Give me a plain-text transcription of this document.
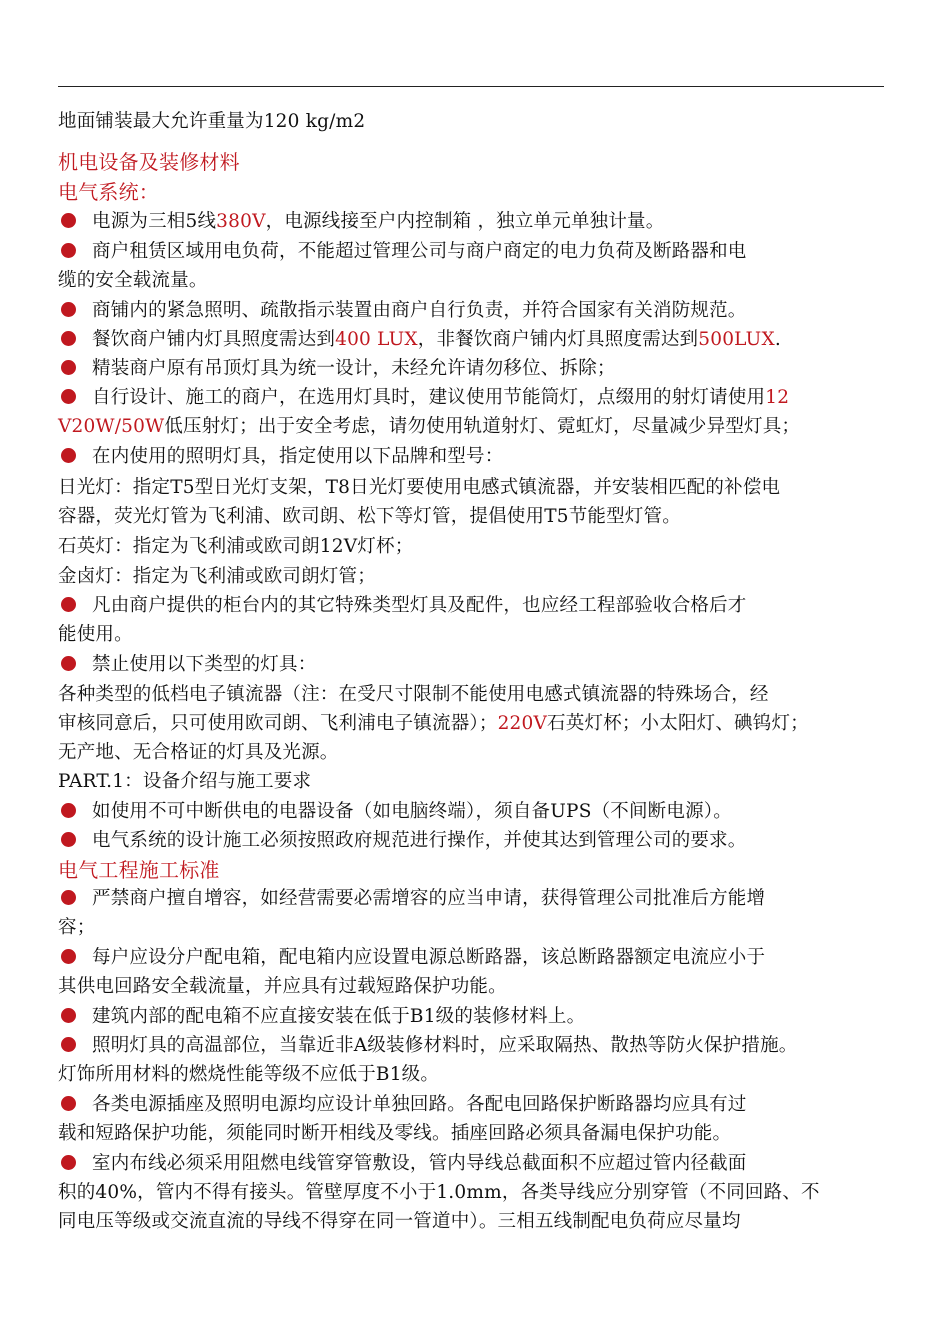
地面铺装最大允许重量为120 kg/m2
机电设备及装修材料
电气系统：
电源为三相5线380V，电源线接至户内控制箱 ，独立单元单独计量。
商户租赁区域用电负荷，不能超过管理公司与商户商定的电力负荷及断路器和电
缆的安全载流量。
商铺内的紧急照明、疏散指示装置由商户自行负责，并符合国家有关消防规范。
餐饮商户铺内灯具照度需达到400 LUX，非餐饮商户铺内灯具照度需达到500LUX.
精装商户原有吊顶灯具为统一设计，未经允许请勿移位、拆除；
自行设计、施工的商户，在选用灯具时，建议使用节能筒灯，点缀用的射灯请使用12
V20W/50W低压射灯；出于安全考虑，请勿使用轨道射灯、霓虹灯，尽量减少异型灯具；
在内使用的照明灯具，指定使用以下品牌和型号：
日光灯：指定T5型日光灯支架，T8日光灯要使用电感式镇流器，并安装相匹配的补偿电
容器，荧光灯管为飞利浦、欧司朗、松下等灯管，提倡使用T5节能型灯管。
石英灯：指定为飞利浦或欧司朗12V灯杯；
金卤灯：指定为飞利浦或欧司朗灯管；
凡由商户提供的柜台内的其它特殊类型灯具及配件，也应经工程部验收合格后才
能使用。
禁止使用以下类型的灯具：
各种类型的低档电子镇流器（注：在受尺寸限制不能使用电感式镇流器的特殊场合，经
审核同意后，只可使用欧司朗、飞利浦电子镇流器）；220V石英灯杯；小太阳灯、碘钨灯；
无产地、无合格证的灯具及光源。
PART.1：设备介绍与施工要求
如使用不可中断供电的电器设备（如电脑终端），须自备UPS（不间断电源）。
电气系统的设计施工必须按照政府规范进行操作，并使其达到管理公司的要求。
电气工程施工标准
严禁商户擅自增容，如经营需要必需增容的应当申请，获得管理公司批准后方能增
容；
每户应设分户配电箱，配电箱内应设置电源总断路器，该总断路器额定电流应小于
其供电回路安全载流量，并应具有过载短路保护功能。
建筑内部的配电箱不应直接安装在低于B1级的装修材料上。
照明灯具的高温部位，当靠近非A级装修材料时，应采取隔热、散热等防火保护措施。
灯饰所用材料的燃烧性能等级不应低于B1级。
各类电源插座及照明电源均应设计单独回路。各配电回路保护断路器均应具有过
载和短路保护功能，须能同时断开相线及零线。插座回路必须具备漏电保护功能。
室内布线必须采用阻燃电线管穿管敷设，管内导线总截面积不应超过管内径截面
积的40%，管内不得有接头。管壁厚度不小于1.0mm，各类导线应分别穿管（不同回路、不
同电压等级或交流直流的导线不得穿在同一管道中）。三相五线制配电负荷应尽量均
